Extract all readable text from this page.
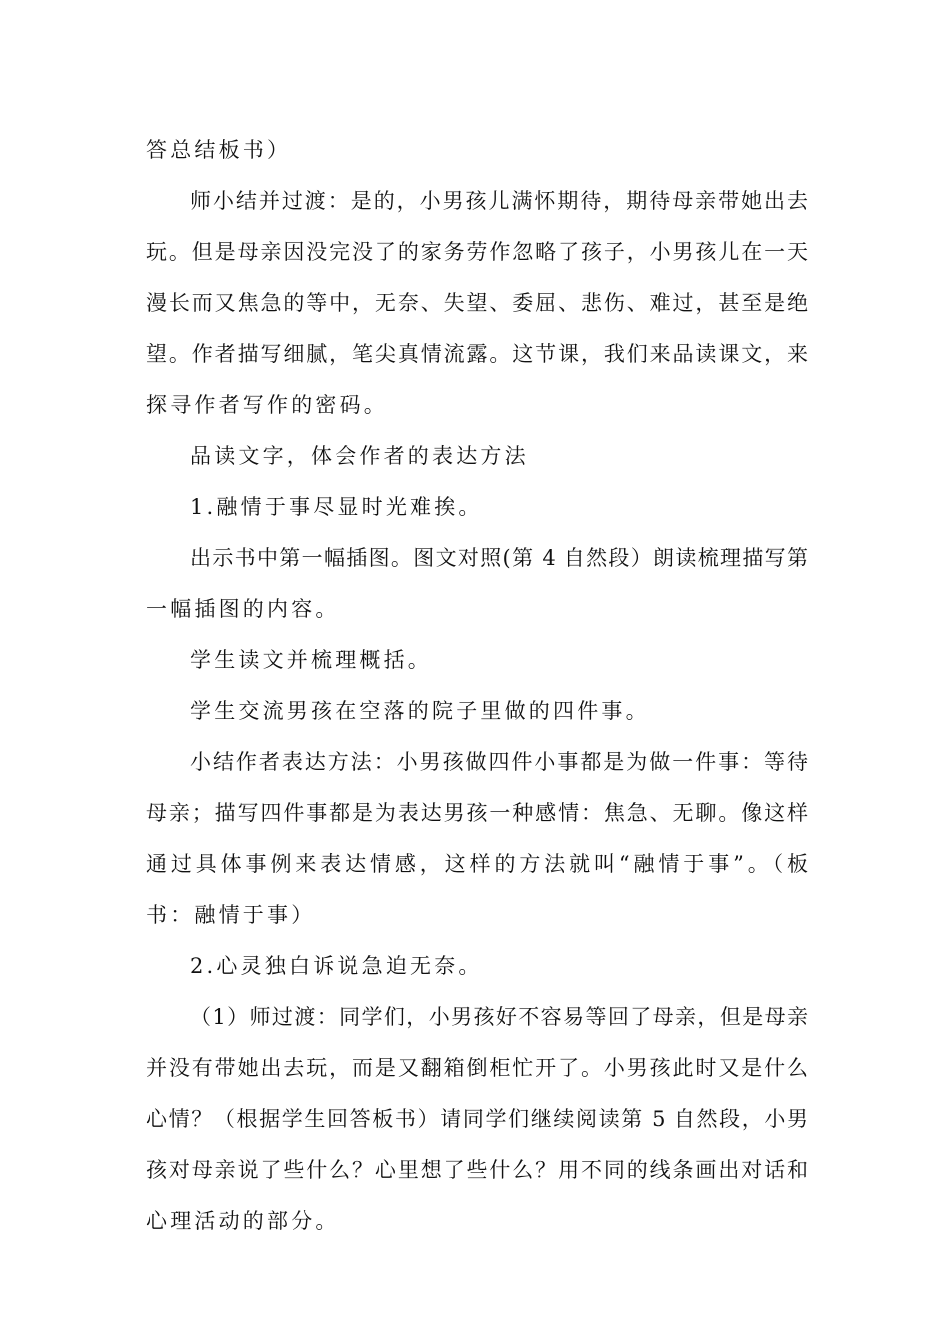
答总结板书）
师小结并过渡：是的，小男孩儿满怀期待，期待母亲带她出去
玩。但是母亲因没完没了的家务劳作忽略了孩子，小男孩儿在一天
漫长而又焦急的等中，无奈、失望、委屈、悲伤、难过，甚至是绝
望。作者描写细腻，笔尖真情流露。这节课，我们来品读课文，来
探寻作者写作的密码。
品读文字，体会作者的表达方法
1.融情于事尽显时光难挨。
出示书中第一幅插图。图文对照(第 4 自然段）朗读梳理描写第
一幅插图的内容。
学生读文并梳理概括。
学生交流男孩在空落的院子里做的四件事。
小结作者表达方法：小男孩做四件小事都是为做一件事：等待
母亲；描写四件事都是为表达男孩一种感情：焦急、无聊。像这样
通过具体事例来表达情感，这样的方法就叫“融情于事”。（板
书：融情于事）
2.心灵独白诉说急迫无奈。
（1）师过渡：同学们，小男孩好不容易等回了母亲，但是母亲
并没有带她出去玩，而是又翻箱倒柜忙开了。小男孩此时又是什么
心情？（根据学生回答板书）请同学们继续阅读第 5 自然段，小男
孩对母亲说了些什么？心里想了些什么？用不同的线条画出对话和
心理活动的部分。
